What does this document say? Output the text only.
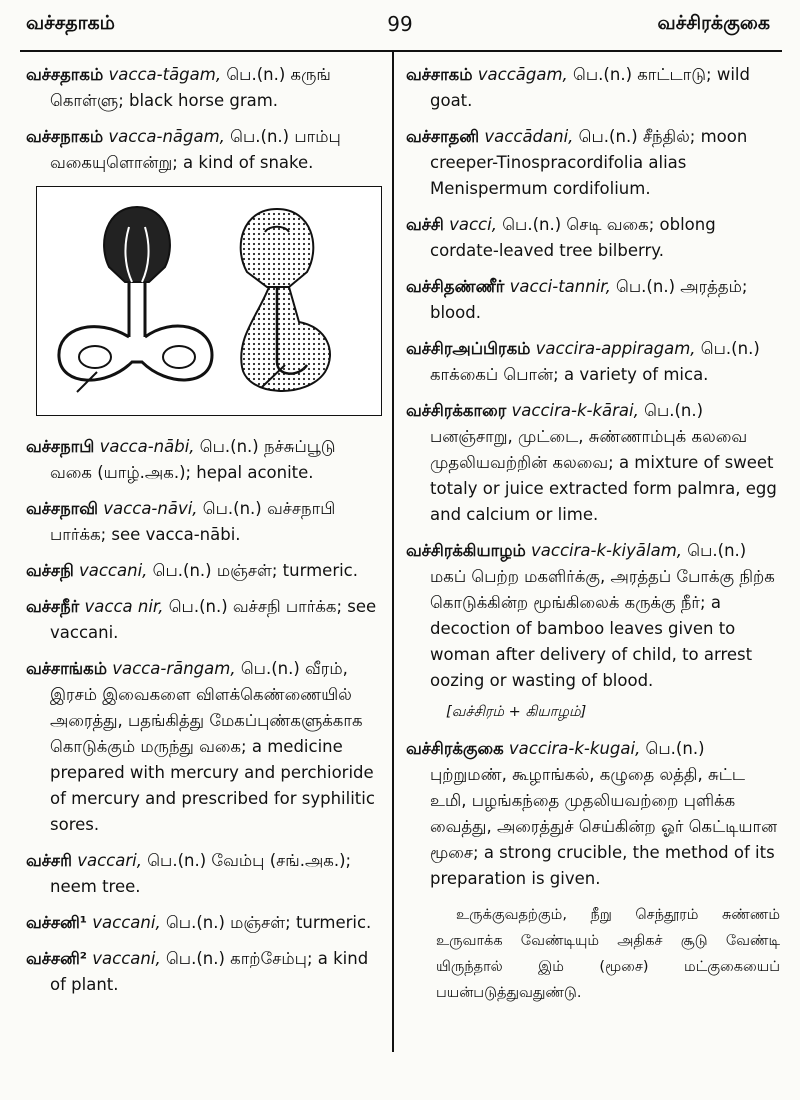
வச்சதாகம்	99	வச்சிரக்குகை
வச்சதாகம் vacca-tāgam, பெ.(n.) கருங் கொள்ளு; black horse gram.
வச்சநாகம் vacca-nāgam, பெ.(n.) பாம்பு வகையுளொன்று; a kind of snake.
வச்சநாபி vacca-nābi, பெ.(n.) நச்சுப்பூடு வகை (யாழ்.அக.); hepal aconite.
வச்சநாவி vacca-nāvi, பெ.(n.) வச்சநாபி பார்க்க; see vacca-nābi.
வச்சநி vaccani, பெ.(n.) மஞ்சள்; turmeric.
வச்சநீர் vacca nir, பெ.(n.) வச்சநி பார்க்க; see vaccani.
வச்சாங்கம் vacca-rāngam, பெ.(n.) வீரம், இரசம் இவைகளை விளக்கெண்ணையில் அரைத்து, பதங்கித்து மேகப்புண்களுக்காக கொடுக்கும் மருந்து வகை; a medicine prepared with mercury and perchioride of mercury and prescribed for syphilitic sores.
வச்சரி vaccari, பெ.(n.) வேம்பு (சங்.அக.); neem tree.
வச்சனி¹ vaccani, பெ.(n.) மஞ்சள்; turmeric.
வச்சனி² vaccani, பெ.(n.) காற்சேம்பு; a kind of plant.
வச்சாகம் vaccāgam, பெ.(n.) காட்டாடு; wild goat.
வச்சாதனி vaccādani, பெ.(n.) சீந்தில்; moon creeper-Tinospracordifolia alias Menispermum cordifolium.
வச்சி vacci, பெ.(n.) செடி வகை; oblong cordate-leaved tree bilberry.
வச்சிதண்ணீர் vacci-tannir, பெ.(n.) அரத்தம்; blood.
வச்சிரஅப்பிரகம் vaccira-appiragam, பெ.(n.) காக்கைப் பொன்; a variety of mica.
வச்சிரக்காரை vaccira-k-kārai, பெ.(n.) பனஞ்சாறு, முட்டை, சுண்ணாம்புக் கலவை முதலியவற்றின் கலவை; a mixture of sweet totaly or juice extracted form palmra, egg and calcium or lime.
வச்சிரக்கியாழம் vaccira-k-kiyālam, பெ.(n.) மகப் பெற்ற மகளிர்க்கு, அரத்தப் போக்கு நிற்க கொடுக்கின்ற மூங்கிலைக் கருக்கு நீர்; a decoction of bamboo leaves given to woman after delivery of child, to arrest oozing or wasting of blood.
[வச்சிரம் + கியாழம்]
வச்சிரக்குகை vaccira-k-kugai, பெ.(n.) புற்றுமண், கூழாங்கல், கழுதை லத்தி, சுட்ட உமி, பழங்கந்தை முதலியவற்றை புளிக்க வைத்து, அரைத்துச் செய்கின்ற ஓர் கெட்டியான மூசை; a strong crucible, the method of its preparation is given.
உருக்குவதற்கும், நீறு செந்தூரம் சுண்ணம் உருவாக்க வேண்டியும் அதிகச் சூடு வேண்டி யிருந்தால் இம் (மூசை) மட்குகையைப் பயன்படுத்துவதுண்டு.
